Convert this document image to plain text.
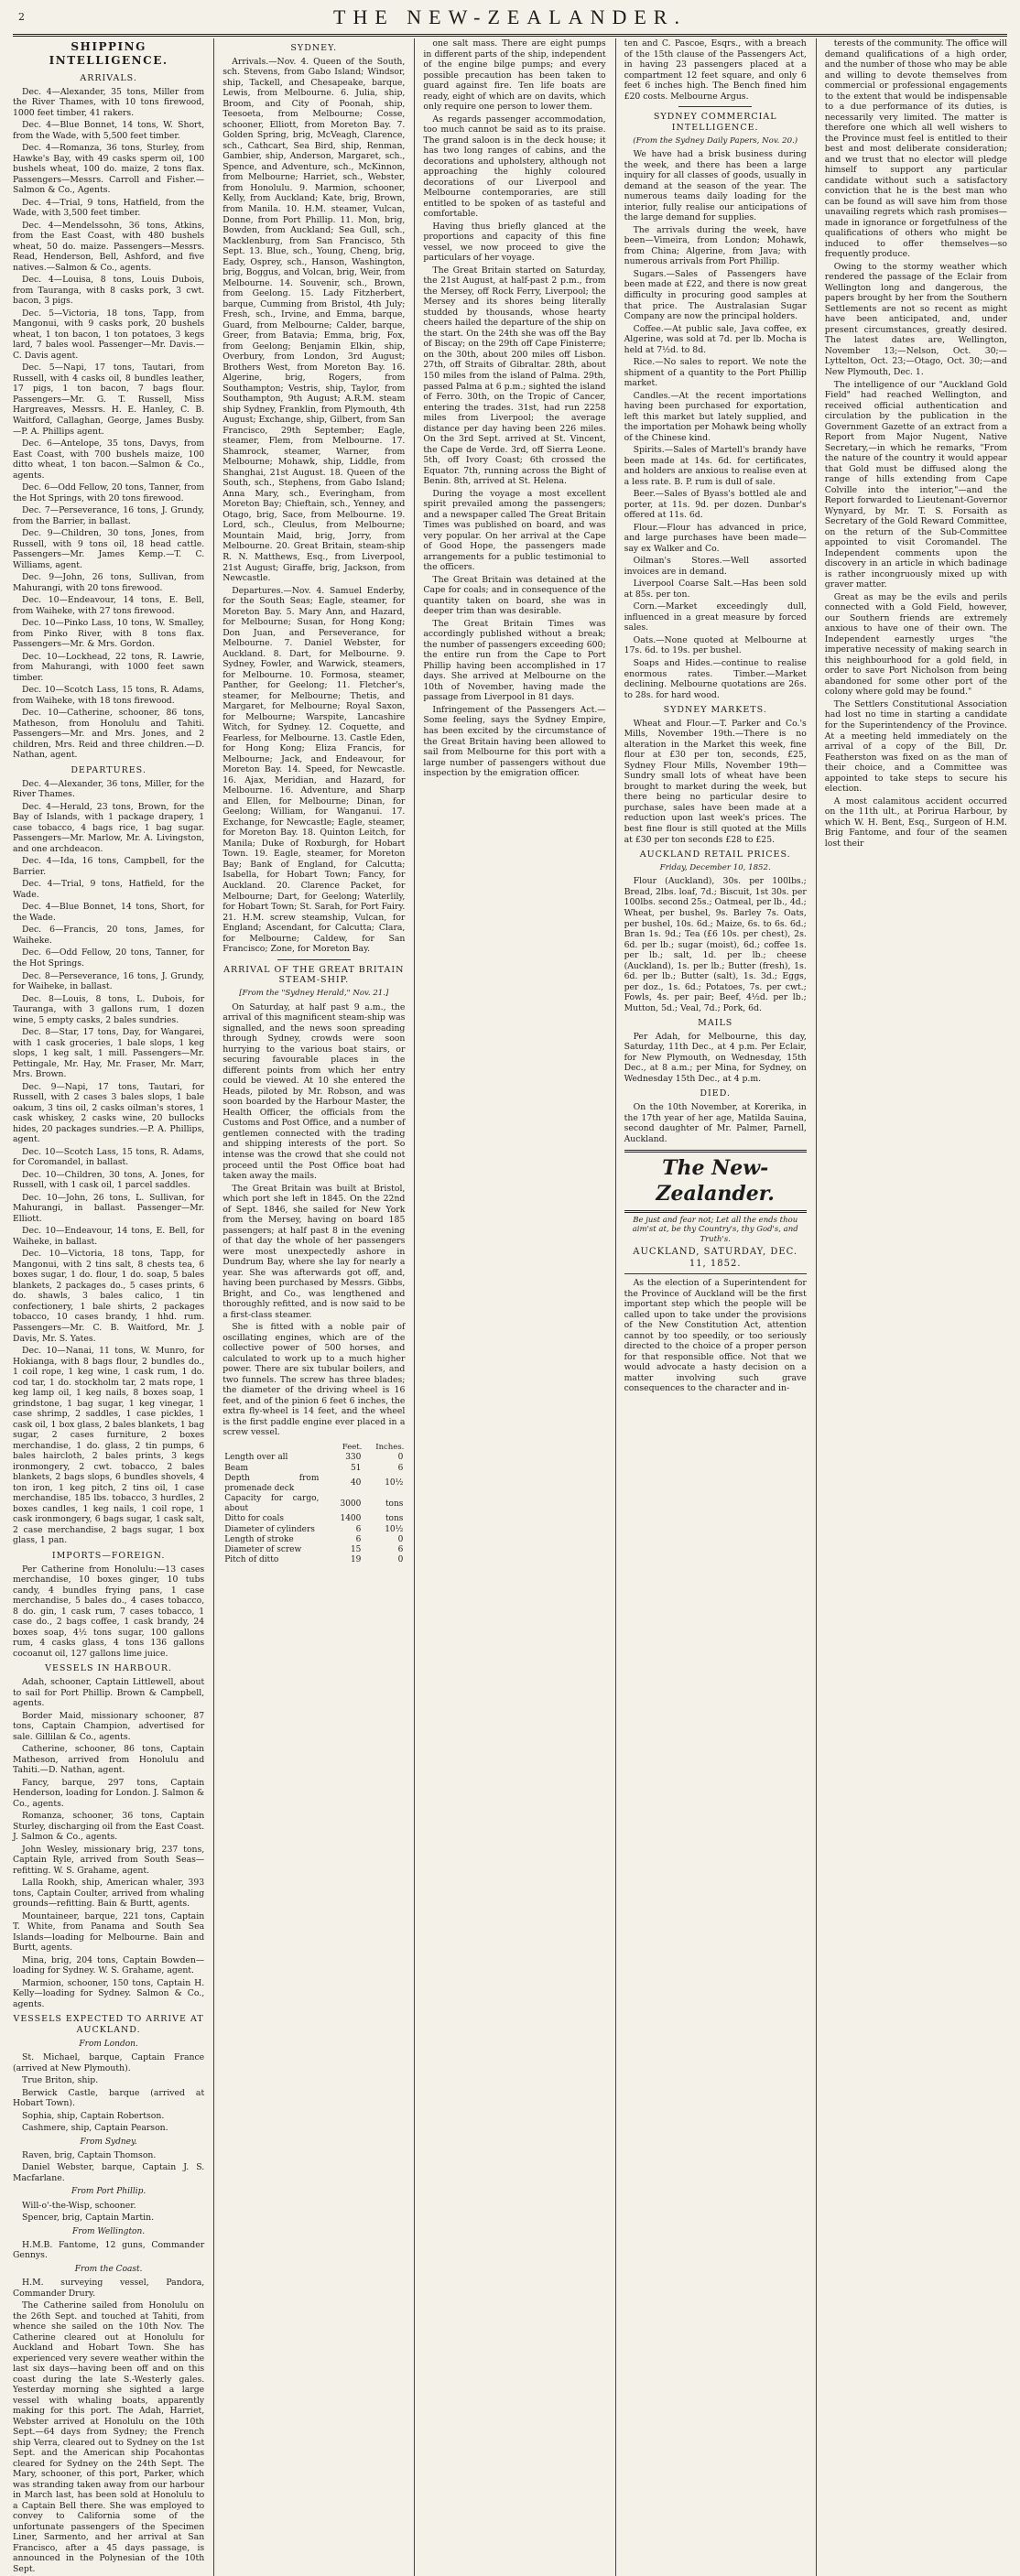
2	THE NEW-ZEALANDER.
SHIPPING INTELLIGENCE.
ARRIVALS.

Dec. 4—Alexander, 35 tons, Miller from the River Thames, with 10 tons firewood, 1000 feet timber, 41 rakers.

Dec. 4—Blue Bonnet, 14 tons, W. Short, from the Wade, with 5,500 feet timber.

Dec. 4—Romanza, 36 tons, Sturley, from Hawke's Bay, with 49 casks sperm oil, 100 bushels wheat, 100 do. maize, 2 tons flax. Passengers—Messrs. Carroll and Fisher.—Salmon & Co., Agents.

Dec. 4—Trial, 9 tons, Hatfield, from the Wade, with 3,500 feet timber.

Dec. 4—Mendelssohn, 36 tons, Atkins, from the East Coast, with 480 bushels wheat, 50 do. maize. Passengers—Messrs. Read, Henderson, Bell, Ashford, and five natives.—Salmon & Co., agents.

Dec. 4—Louisa, 8 tons, Louis Dubois, from Tauranga, with 8 casks pork, 3 cwt. bacon, 3 pigs.

Dec. 5—Victoria, 18 tons, Tapp, from Mangonui, with 9 casks pork, 20 bushels wheat, 1 ton bacon, 1 ton potatoes, 3 kegs lard, 7 bales wool. Passenger—Mr. Davis.—C. Davis agent.

Dec. 5—Napi, 17 tons, Tautari, from Russell, with 4 casks oil, 8 bundles leather, 17 pigs, 1 ton bacon, 7 bags flour. Passengers—Mr. G. T. Russell, Miss Hargreaves, Messrs. H. E. Hanley, C. B. Waitford, Callaghan, George, James Busby.—P. A. Phillips agent.

Dec. 6—Antelope, 35 tons, Davys, from East Coast, with 700 bushels maize, 100 ditto wheat, 1 ton bacon.—Salmon & Co., agents.

Dec. 6—Odd Fellow, 20 tons, Tanner, from the Hot Springs, with 20 tons firewood.

Dec. 7—Perseverance, 16 tons, J. Grundy, from the Barrier, in ballast.

Dec. 9—Children, 30 tons, Jones, from Russell, with 9 tons oil, 18 head cattle. Passengers—Mr. James Kemp.—T. C. Williams, agent.

Dec. 9—John, 26 tons, Sullivan, from Mahurangi, with 20 tons firewood.

Dec. 10—Endeavour, 14 tons, E. Bell, from Waiheke, with 27 tons firewood.

Dec. 10—Pinko Lass, 10 tons, W. Smalley, from Pinko River, with 8 tons flax. Passengers—Mr. & Mrs. Gordon.

Dec. 10—Lockhead, 22 tons, R. Lawrie, from Mahurangi, with 1000 feet sawn timber.

Dec. 10—Scotch Lass, 15 tons, R. Adams, from Waiheke, with 18 tons firewood.

Dec. 10—Catherine, schooner, 86 tons, Matheson, from Honolulu and Tahiti. Passengers—Mr. and Mrs. Jones, and 2 children, Mrs. Reid and three children.—D. Nathan, agent.

DEPARTURES.

Dec. 4—Alexander, 36 tons, Miller, for the River Thames.

Dec. 4—Herald, 23 tons, Brown, for the Bay of Islands, with 1 package drapery, 1 case tobacco, 4 bags rice, 1 bag sugar. Passengers—Mr. Marlow, Mr. A. Livingston, and one archdeacon.

Dec. 4—Ida, 16 tons, Campbell, for the Barrier.

Dec. 4—Trial, 9 tons, Hatfield, for the Wade.

Dec. 4—Blue Bonnet, 14 tons, Short, for the Wade.

Dec. 6—Francis, 20 tons, James, for Waiheke.

Dec. 6—Odd Fellow, 20 tons, Tanner, for the Hot Springs.

Dec. 8—Perseverance, 16 tons, J. Grundy, for Waiheke, in ballast.

Dec. 8—Louis, 8 tons, L. Dubois, for Tauranga, with 3 gallons rum, 1 dozen wine, 5 empty casks, 2 bales sundries.

Dec. 8—Star, 17 tons, Day, for Wangarei, with 1 cask groceries, 1 bale slops, 1 keg slops, 1 keg salt, 1 mill. Passengers—Mr. Pettingale, Mr. Hay, Mr. Fraser, Mr. Marr, Mrs. Brown.

Dec. 9—Napi, 17 tons, Tautari, for Russell, with 2 cases 3 bales slops, 1 bale oakum, 3 tins oil, 2 casks oilman's stores, 1 cask whiskey, 2 casks wine, 20 bullocks hides, 20 packages sundries.—P. A. Phillips, agent.

Dec. 10—Scotch Lass, 15 tons, R. Adams, for Coromandel, in ballast.

Dec. 10—Children, 30 tons, A. Jones, for Russell, with 1 cask oil, 1 parcel saddles.

Dec. 10—John, 26 tons, L. Sullivan, for Mahurangi, in ballast. Passenger—Mr. Elliott.

Dec. 10—Endeavour, 14 tons, E. Bell, for Waiheke, in ballast.

Dec. 10—Victoria, 18 tons, Tapp, for Mangonui, with 2 tins salt, 8 chests tea, 6 boxes sugar, 1 do. flour, 1 do. soap, 5 bales blankets, 2 packages do., 5 cases prints, 6 do. shawls, 3 bales calico, 1 tin confectionery, 1 bale shirts, 2 packages tobacco, 10 cases brandy, 1 hhd. rum. Passengers—Mr. C. B. Waitford, Mr. J. Davis, Mr. S. Yates.

Dec. 10—Nanai, 11 tons, W. Munro, for Hokianga, with 8 bags flour, 2 bundles do., 1 coil rope, 1 keg wine, 1 cask rum, 1 do. cod tar, 1 do. stockholm tar, 2 mats rope, 1 keg lamp oil, 1 keg nails, 8 boxes soap, 1 grindstone, 1 bag sugar, 1 keg vinegar, 1 case shrimp, 2 saddles, 1 case pickles, 1 cask oil, 1 box glass, 2 bales blankets, 1 bag sugar, 2 cases furniture, 2 boxes merchandise, 1 do. glass, 2 tin pumps, 6 bales haircloth, 2 bales prints, 3 kegs ironmongery, 2 cwt. tobacco, 2 bales blankets, 2 bags slops, 6 bundles shovels, 4 ton iron, 1 keg pitch, 2 tins oil, 1 case merchandise, 185 lbs. tobacco, 3 hurdles, 2 boxes candles, 1 keg nails, 1 coil rope, 1 cask ironmongery, 6 bags sugar, 1 cask salt, 2 case merchandise, 2 bags sugar, 1 box glass, 1 pan.

IMPORTS—FOREIGN.

Per Catherine from Honolulu:—13 cases merchandise, 10 boxes ginger, 10 tubs candy, 4 bundles frying pans, 1 case merchandise, 5 bales do., 4 cases tobacco, 8 do. gin, 1 cask rum, 7 cases tobacco, 1 case do., 2 bags coffee, 1 cask brandy, 24 boxes soap, 4½ tons sugar, 100 gallons rum, 4 casks glass, 4 tons 136 gallons cocoanut oil, 127 gallons lime juice.

VESSELS IN HARBOUR.

Adah, schooner, Captain Littlewell, about to sail for Port Phillip. Brown & Campbell, agents.

Border Maid, missionary schooner, 87 tons, Captain Champion, advertised for sale. Gillilan & Co., agents.

Catherine, schooner, 86 tons, Captain Matheson, arrived from Honolulu and Tahiti.—D. Nathan, agent.

Fancy, barque, 297 tons, Captain Henderson, loading for London. J. Salmon & Co., agents.

Romanza, schooner, 36 tons, Captain Sturley, discharging oil from the East Coast. J. Salmon & Co., agents.

John Wesley, missionary brig, 237 tons, Captain Ryle, arrived from South Seas—refitting. W. S. Grahame, agent.

Lalla Rookh, ship, American whaler, 393 tons, Captain Coulter, arrived from whaling grounds—refitting. Bain & Burtt, agents.

Mountaineer, barque, 221 tons, Captain T. White, from Panama and South Sea Islands—loading for Melbourne. Bain and Burtt, agents.

Mina, brig, 204 tons, Captain Bowden—loading for Sydney. W. S. Grahame, agent.

Marmion, schooner, 150 tons, Captain H. Kelly—loading for Sydney. Salmon & Co., agents.

VESSELS EXPECTED TO ARRIVE AT AUCKLAND.
From London.

St. Michael, barque, Captain France (arrived at New Plymouth).

True Briton, ship.

Berwick Castle, barque (arrived at Hobart Town).

Sophia, ship, Captain Robertson.

Cashmere, ship, Captain Pearson.

From Sydney.

Raven, brig, Captain Thomson.

Daniel Webster, barque, Captain J. S. Macfarlane.

From Port Phillip.

Will-o'-the-Wisp, schooner.

Spencer, brig, Captain Martin.

From Wellington.

H.M.B. Fantome, 12 guns, Commander Gennys.

From the Coast.

H.M. surveying vessel, Pandora, Commander Drury.

The Catherine sailed from Honolulu on the 26th Sept. and touched at Tahiti, from whence she sailed on the 10th Nov. The Catherine cleared out at Honolulu for Auckland and Hobart Town. She has experienced very severe weather within the last six days—having been off and on this coast during the late S.-Westerly gales. Yesterday morning she sighted a large vessel with whaling boats, apparently making for this port. The Adah, Harriet, Webster arrived at Honolulu on the 10th Sept.—64 days from Sydney; the French ship Verra, cleared out to Sydney on the 1st Sept. and the American ship Pocahontas cleared for Sydney on the 24th Sept. The Mary, schooner, of this port, Parker, which was stranding taken away from our harbour in March last, has been sold at Honolulu to a Captain Bell there. She was employed to convey to California some of the unfortunate passengers of the Specimen Liner, Sarmento, and her arrival at San Francisco, after a 45 days passage, is announced in the Polynesian of the 10th Sept.

SYDNEY.

Arrivals.—Nov. 4. Queen of the South, sch. Stevens, from Gabo Island; Windsor, ship, Tackell, and Chesapeake, barque, Lewis, from Melbourne. 6. Julia, ship, Broom, and City of Poonah, ship, Teesoeta, from Melbourne; Cosse, schooner, Elliott, from Moreton Bay. 7. Golden Spring, brig, McVeagh, Clarence, sch., Cathcart, Sea Bird, ship, Renman, Gambier, ship, Anderson, Margaret, sch., Spence, and Adventure, sch., McKinnon, from Melbourne; Harriet, sch., Webster, from Honolulu. 9. Marmion, schooner, Kelly, from Auckland; Kate, brig, Brown, from Manila. 10. H.M. steamer, Vulcan, Donne, from Port Phillip. 11. Mon, brig, Bowden, from Auckland; Sea Gull, sch., Macklenburg, from San Francisco, 5th Sept. 13. Blue, sch., Young, Cheng, brig, Eady, Osprey, sch., Hanson, Washington, brig, Boggus, and Volcan, brig, Weir, from Melbourne. 14. Souvenir, sch., Brown, from Geelong. 15. Lady Fitzherbert, barque, Cumming from Bristol, 4th July; Fresh, sch., Irvine, and Emma, barque, Guard, from Melbourne; Calder, barque, Greer, from Batavia; Emma, brig, Fox, from Geelong; Benjamin Elkin, ship, Overbury, from London, 3rd August; Brothers West, from Moreton Bay. 16. Algerine, brig, Rogers, from Southampton; Vestris, ship, Taylor, from Southampton, 9th August; A.R.M. steam ship Sydney, Franklin, from Plymouth, 4th August; Exchange, ship, Gilbert, from San Francisco, 29th September; Eagle, steamer, Flem, from Melbourne. 17. Shamrock, steamer, Warner, from Melbourne; Mohawk, ship, Liddle, from Shanghai, 21st August. 18. Queen of the South, sch., Stephens, from Gabo Island; Anna Mary, sch., Everingham, from Moreton Bay; Chieftain, sch., Yenney, and Otago, brig, Sace, from Melbourne. 19. Lord, sch., Cleulus, from Melbourne; Mountain Maid, brig, Jorry, from Melbourne. 20. Great Britain, steam-ship R. N. Matthews, Esq., from Liverpool, 21st August; Giraffe, brig, Jackson, from Newcastle.

Departures.—Nov. 4. Samuel Enderby, for the South Seas; Eagle, steamer, for Moreton Bay. 5. Mary Ann, and Hazard, for Melbourne; Susan, for Hong Kong; Don Juan, and Perseverance, for Melbourne. 7. Daniel Webster, for Auckland. 8. Dart, for Melbourne. 9. Sydney, Fowler, and Warwick, steamers, for Melbourne. 10. Formosa, steamer, Panther, for Geelong; 11. Fletcher's, steamer, for Melbourne; Thetis, and Margaret, for Melbourne; Royal Saxon, for Melbourne; Warspite, Lancashire Witch, for Sydney. 12. Coquette, and Fearless, for Melbourne. 13. Castle Eden, for Hong Kong; Eliza Francis, for Melbourne; Jack, and Endeavour, for Moreton Bay. 14. Speed, for Newcastle. 16. Ajax, Meridian, and Hazard, for Melbourne. 16. Adventure, and Sharp and Ellen, for Melbourne; Dinan, for Geelong; William, for Wanganui. 17. Exchange, for Newcastle; Eagle, steamer, for Moreton Bay. 18. Quinton Leitch, for Manila; Duke of Roxburgh, for Hobart Town. 19. Eagle, steamer, for Moreton Bay; Bank of England, for Calcutta; Isabella, for Hobart Town; Fancy, for Auckland. 20. Clarence Packet, for Melbourne; Dart, for Geelong; Waterlily, for Hobart Town; St. Sarah, for Port Fairy. 21. H.M. screw steamship, Vulcan, for England; Ascendant, for Calcutta; Clara, for Melbourne; Caldew, for San Francisco; Zone, for Moreton Bay.

ARRIVAL OF THE GREAT BRITAIN STEAM-SHIP.
[From the "Sydney Herald," Nov. 21.]

On Saturday, at half past 9 a.m., the arrival of this magnificent steam-ship was signalled, and the news soon spreading through Sydney, crowds were soon hurrying to the various boat stairs, or securing favourable places in the different points from which her entry could be viewed. At 10 she entered the Heads, piloted by Mr. Robson, and was soon boarded by the Harbour Master, the Health Officer, the officials from the Customs and Post Office, and a number of gentlemen connected with the trading and shipping interests of the port. So intense was the crowd that she could not proceed until the Post Office boat had taken away the mails.

The Great Britain was built at Bristol, which port she left in 1845. On the 22nd of Sept. 1846, she sailed for New York from the Mersey, having on board 185 passengers; at half past 8 in the evening of that day the whole of her passengers were most unexpectedly ashore in Dundrum Bay, where she lay for nearly a year. She was afterwards got off, and, having been purchased by Messrs. Gibbs, Bright, and Co., was lengthened and thoroughly refitted, and is now said to be a first-class steamer.

She is fitted with a noble pair of oscillating engines, which are of the collective power of 500 horses, and calculated to work up to a much higher power. There are six tubular boilers, and two funnels. The screw has three blades; the diameter of the driving wheel is 16 feet, and of the pinion 6 feet 6 inches, the extra fly-wheel is 14 feet, and the wheel is the first paddle engine ever placed in a screw vessel.

	Feet.	Inches.
Length over all	330	0
Beam	51	6
Depth from promenade deck	40	10½
Capacity for cargo, about	3000	tons
Ditto for coals	1400	tons
Diameter of cylinders	6	10½
Length of stroke	6	0
Diameter of screw	15	6
Pitch of ditto	19	0

one salt mass. There are eight pumps in different parts of the ship, independent of the engine bilge pumps; and every possible precaution has been taken to guard against fire. Ten life boats are ready, eight of which are on davits, which only require one person to lower them.

As regards passenger accommodation, too much cannot be said as to its praise. The grand saloon is in the deck house; it has two long ranges of cabins, and the decorations and upholstery, although not approaching the highly coloured decorations of our Liverpool and Melbourne contemporaries, are still entitled to be spoken of as tasteful and comfortable.

Having thus briefly glanced at the proportions and capacity of this fine vessel, we now proceed to give the particulars of her voyage.

The Great Britain started on Saturday, the 21st August, at half-past 2 p.m., from the Mersey, off Rock Ferry, Liverpool; the Mersey and its shores being literally studded by thousands, whose hearty cheers hailed the departure of the ship on the start. On the 24th she was off the Bay of Biscay; on the 29th off Cape Finisterre; on the 30th, about 200 miles off Lisbon. 27th, off Straits of Gibraltar. 28th, about 150 miles from the island of Palma. 29th, passed Palma at 6 p.m.; sighted the island of Ferro. 30th, on the Tropic of Cancer, entering the trades. 31st, had run 2258 miles from Liverpool; the average distance per day having been 226 miles. On the 3rd Sept. arrived at St. Vincent, the Cape de Verde. 3rd, off Sierra Leone. 5th, off Ivory Coast; 6th crossed the Equator. 7th, running across the Bight of Benin. 8th, arrived at St. Helena.

During the voyage a most excellent spirit prevailed among the passengers; and a newspaper called The Great Britain Times was published on board, and was very popular. On her arrival at the Cape of Good Hope, the passengers made arrangements for a public testimonial to the officers.

The Great Britain was detained at the Cape for coals; and in consequence of the quantity taken on board, she was in deeper trim than was desirable.

The Great Britain Times was accordingly published without a break; the number of passengers exceeding 600; the entire run from the Cape to Port Phillip having been accomplished in 17 days. She arrived at Melbourne on the 10th of November, having made the passage from Liverpool in 81 days.

Infringement of the Passengers Act.—Some feeling, says the Sydney Empire, has been excited by the circumstance of the Great Britain having been allowed to sail from Melbourne for this port with a large number of passengers without due inspection by the emigration officer.

ten and C. Pascoe, Esqrs., with a breach of the 15th clause of the Passengers Act, in having 23 passengers placed at a compartment 12 feet square, and only 6 feet 6 inches high. The Bench fined him £20 costs. Melbourne Argus.

SYDNEY COMMERCIAL INTELLIGENCE.
(From the Sydney Daily Papers, Nov. 20.)

We have had a brisk business during the week, and there has been a large inquiry for all classes of goods, usually in demand at the season of the year. The numerous teams daily loading for the interior, fully realise our anticipations of the large demand for supplies.

The arrivals during the week, have been—Vimeira, from London; Mohawk, from China; Algerine, from Java; with numerous arrivals from Port Phillip.

Sugars.—Sales of Passengers have been made at £22, and there is now great difficulty in procuring good samples at that price. The Australasian Sugar Company are now the principal holders.

Coffee.—At public sale, Java coffee, ex Algerine, was sold at 7d. per lb. Mocha is held at 7½d. to 8d.

Rice.—No sales to report. We note the shipment of a quantity to the Port Phillip market.

Candles.—At the recent importations having been purchased for exportation, left this market but lately supplied, and the importation per Mohawk being wholly of the Chinese kind.

Spirits.—Sales of Martell's brandy have been made at 14s. 6d. for certificates, and holders are anxious to realise even at a less rate. B. P. rum is dull of sale.

Beer.—Sales of Byass's bottled ale and porter, at 11s. 9d. per dozen. Dunbar's offered at 11s. 6d.

Flour.—Flour has advanced in price, and large purchases have been made—say ex Walker and Co.

Oilman's Stores.—Well assorted invoices are in demand.

Liverpool Coarse Salt.—Has been sold at 85s. per ton.

Corn.—Market exceedingly dull, influenced in a great measure by forced sales.

Oats.—None quoted at Melbourne at 17s. 6d. to 19s. per bushel.

Soaps and Hides.—continue to realise enormous rates. Timber.—Market declining. Melbourne quotations are 26s. to 28s. for hard wood.

SYDNEY MARKETS.

Wheat and Flour.—T. Parker and Co.'s Mills, November 19th.—There is no alteration in the Market this week, fine flour at £30 per ton, seconds, £25, Sydney Flour Mills, November 19th—Sundry small lots of wheat have been brought to market during the week, but there being no particular desire to purchase, sales have been made at a reduction upon last week's prices. The best fine flour is still quoted at the Mills at £30 per ton seconds £28 to £25.

AUCKLAND RETAIL PRICES.
Friday, December 10, 1852.

Flour (Auckland), 30s. per 100lbs.; Bread, 2lbs. loaf, 7d.; Biscuit, 1st 30s. per 100lbs. second 25s.; Oatmeal, per lb., 4d.; Wheat, per bushel, 9s. Barley 7s. Oats, per bushel, 10s. 6d.; Maize, 6s. to 6s. 6d.; Bran 1s. 9d.; Tea (£6 10s. per chest), 2s. 6d. per lb.; sugar (moist), 6d.; coffee 1s. per lb.; salt, 1d. per lb.; cheese (Auckland), 1s. per lb.; Butter (fresh), 1s. 6d. per lb.; Butter (salt), 1s. 3d.; Eggs, per doz., 1s. 6d.; Potatoes, 7s. per cwt.; Fowls, 4s. per pair; Beef, 4½d. per lb.; Mutton, 5d.; Veal, 7d.; Pork, 6d.

MAILS

Per Adah, for Melbourne, this day, Saturday, 11th Dec., at 4 p.m. Per Eclair, for New Plymouth, on Wednesday, 15th Dec., at 8 a.m.; per Mina, for Sydney, on Wednesday 15th Dec., at 4 p.m.

DIED.

On the 10th November, at Korerika, in the 17th year of her age, Matilda Sauina, second daughter of Mr. Palmer, Parnell, Auckland.

The New-Zealander.
Be just and fear not; Let all the ends thou aim'st at, be thy Country's, thy God's, and Truth's.
AUCKLAND, SATURDAY, DEC. 11, 1852.

As the election of a Superintendent for the Province of Auckland will be the first important step which the people will be called upon to take under the provisions of the New Constitution Act, attention cannot by too speedily, or too seriously directed to the choice of a proper person for that responsible office. Not that we would advocate a hasty decision on a matter involving such grave consequences to the character and in-

terests of the community. The office will demand qualifications of a high order, and the number of those who may be able and willing to devote themselves from commercial or professional engagements to the extent that would be indispensable to a due performance of its duties, is necessarily very limited. The matter is therefore one which all well wishers to the Province must feel is entitled to their best and most deliberate consideration; and we trust that no elector will pledge himself to support any particular candidate without such a satisfactory conviction that he is the best man who can be found as will save him from those unavailing regrets which rash promises—made in ignorance or forgetfulness of the qualifications of others who might be induced to offer themselves—so frequently produce.

Owing to the stormy weather which rendered the passage of the Eclair from Wellington long and dangerous, the papers brought by her from the Southern Settlements are not so recent as might have been anticipated, and, under present circumstances, greatly desired. The latest dates are, Wellington, November 13;—Nelson, Oct. 30;—Lyttelton, Oct. 23;—Otago, Oct. 30;—and New Plymouth, Dec. 1.

The intelligence of our "Auckland Gold Field" had reached Wellington, and received official authentication and circulation by the publication in the Government Gazette of an extract from a Report from Major Nugent, Native Secretary,—in which he remarks, "From the nature of the country it would appear that Gold must be diffused along the range of hills extending from Cape Colville into the interior,"—and the Report forwarded to Lieutenant-Governor Wynyard, by Mr. T. S. Forsaith as Secretary of the Gold Reward Committee, on the return of the Sub-Committee appointed to visit Coromandel. The Independent comments upon the discovery in an article in which badinage is rather incongruously mixed up with graver matter.

Great as may be the evils and perils connected with a Gold Field, however, our Southern friends are extremely anxious to have one of their own. The Independent earnestly urges "the imperative necessity of making search in this neighbourhood for a gold field, in order to save Port Nicholson from being abandoned for some other port of the colony where gold may be found."

The Settlers Constitutional Association had lost no time in starting a candidate for the Superintendency of the Province. At a meeting held immediately on the arrival of a copy of the Bill, Dr. Featherston was fixed on as the man of their choice, and a Committee was appointed to take steps to secure his election.

A most calamitous accident occurred on the 11th ult., at Porirua Harbour, by which W. H. Bent, Esq., Surgeon of H.M. Brig Fantome, and four of the seamen lost their
